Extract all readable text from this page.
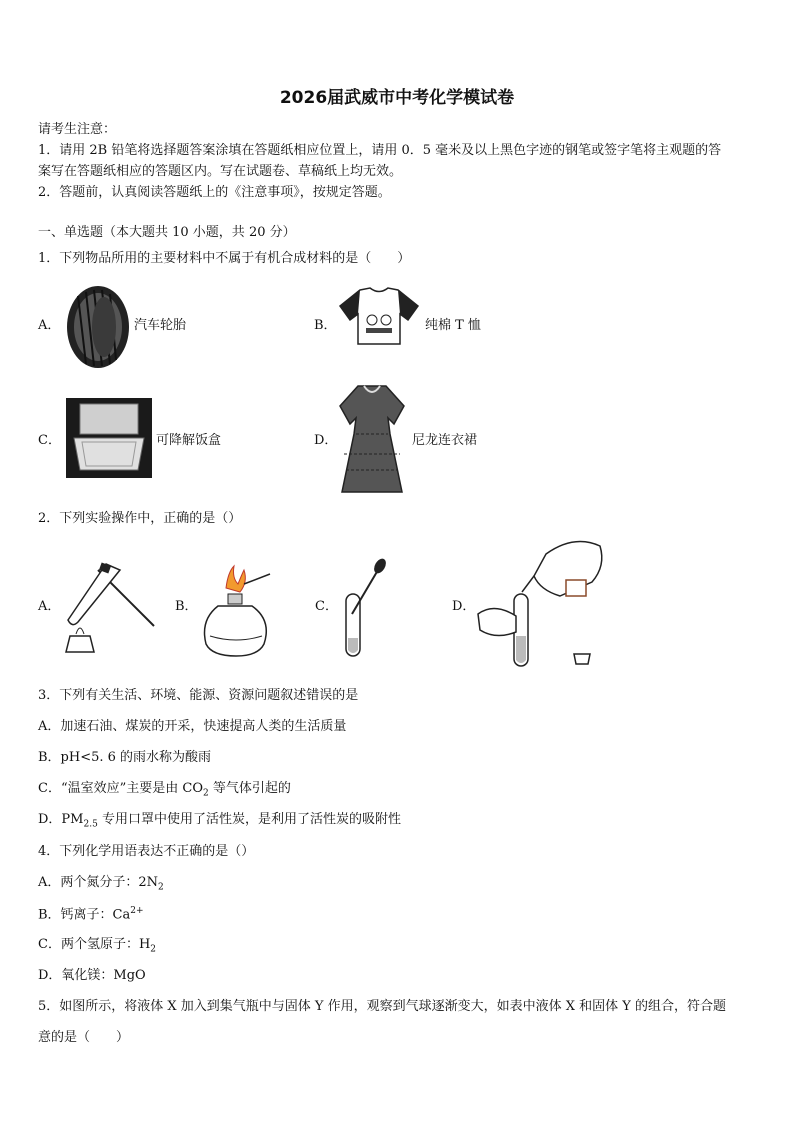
2026届武威市中考化学模试卷
请考生注意：
1．请用 2B 铅笔将选择题答案涂填在答题纸相应位置上，请用 0．5 毫米及以上黑色字迹的钢笔或签字笔将主观题的答
案写在答题纸相应的答题区内。写在试题卷、草稿纸上均无效。
2．答题前，认真阅读答题纸上的《注意事项》，按规定答题。
一、单选题（本大题共 10 小题，共 20 分）
1．下列物品所用的主要材料中不属于有机合成材料的是（　　）
A．	汽车轮胎	B．	纯棉 T 恤
C．	可降解饭盒	D．	尼龙连衣裙
2．下列实验操作中，正确的是（）
A．	B．	C．	D．
3．下列有关生活、环境、能源、资源问题叙述错误的是
A．加速石油、煤炭的开采，快速提高人类的生活质量
B．pH<5. 6 的雨水称为酸雨
C．“温室效应”主要是由 $CO_2$ 等气体引起的
D．$PM_{2.5}$ 专用口罩中使用了活性炭，是利用了活性炭的吸附性
4．下列化学用语表达不正确的是（）
A．两个氮分子：$2N_2$
B．钙离子：$Ca^{2+}$
C．两个氢原子：$H_2$
D．氧化镁：MgO
5．如图所示，将液体 X 加入到集气瓶中与固体 Y 作用，观察到气球逐渐变大，如表中液体 X 和固体 Y 的组合，符合题
意的是（　　）
